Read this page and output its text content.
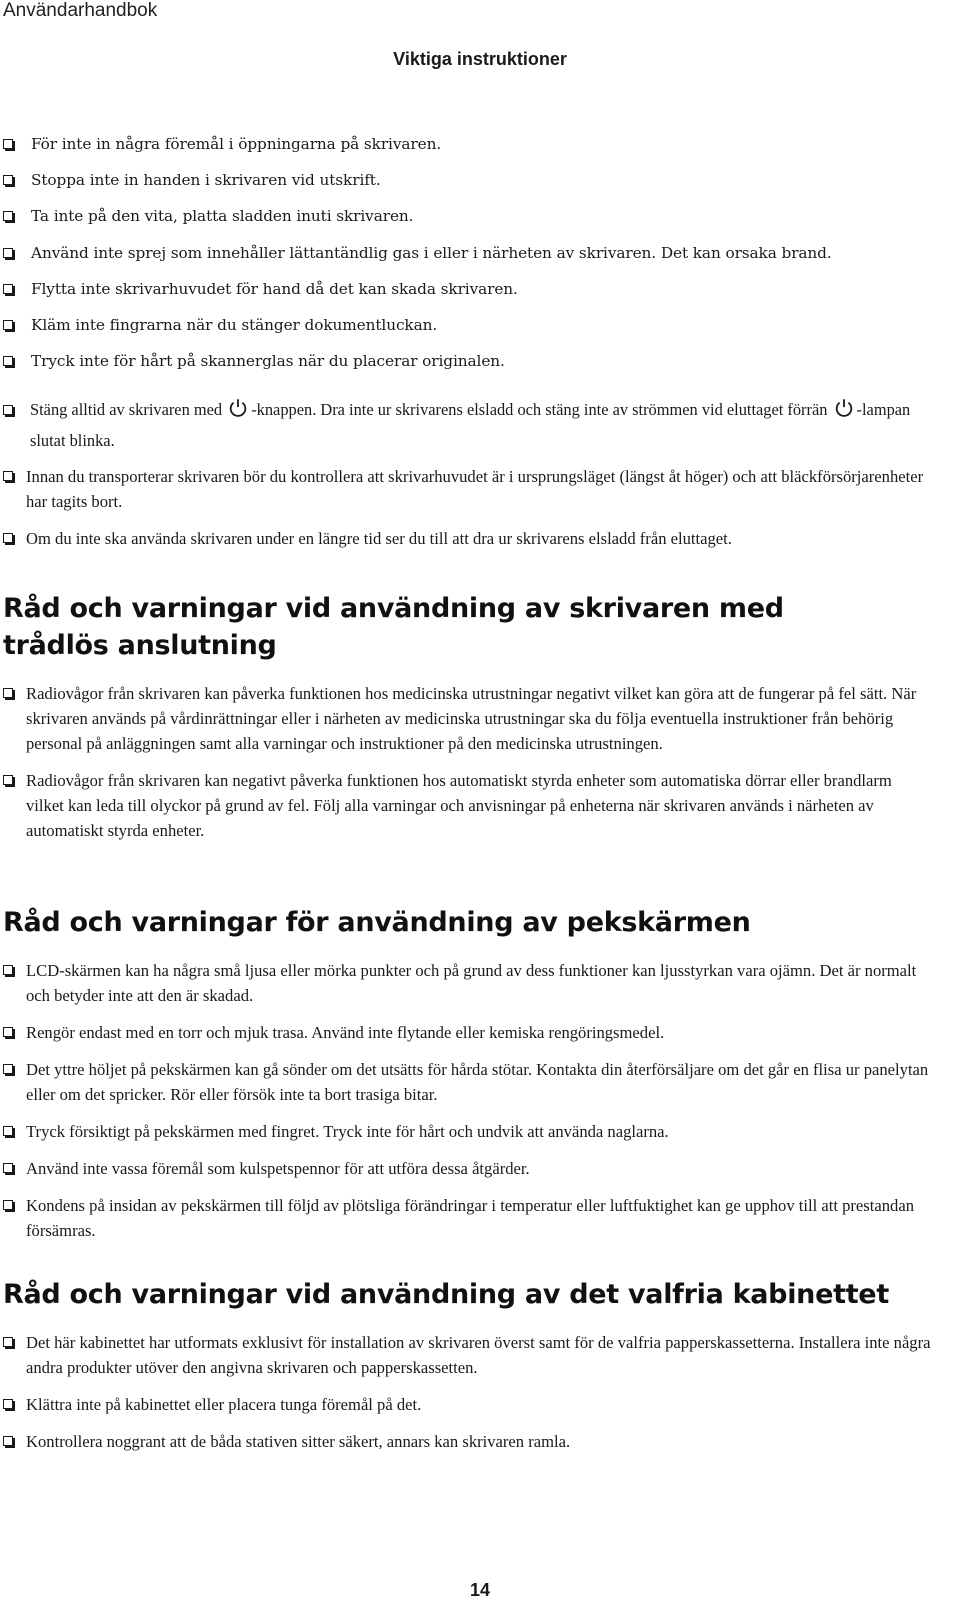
Användarhandbok
Viktiga instruktioner
För inte in några föremål i öppningarna på skrivaren.
Stoppa inte in handen i skrivaren vid utskrift.
Ta inte på den vita, platta sladden inuti skrivaren.
Använd inte sprej som innehåller lättantändlig gas i eller i närheten av skrivaren. Det kan orsaka brand.
Flytta inte skrivarhuvudet för hand då det kan skada skrivaren.
Kläm inte fingrarna när du stänger dokumentluckan.
Tryck inte för hårt på skannerglas när du placerar originalen.
Stäng alltid av skrivaren med -knappen. Dra inte ur skrivarens elsladd och stäng inte av strömmen vid eluttaget förrän -lampan slutat blinka.
Innan du transporterar skrivaren bör du kontrollera att skrivarhuvudet är i ursprungsläget (längst åt höger) och att bläckförsörjarenheter har tagits bort.
Om du inte ska använda skrivaren under en längre tid ser du till att dra ur skrivarens elsladd från eluttaget.
Råd och varningar vid användning av skrivaren med trådlös anslutning
Radiovågor från skrivaren kan påverka funktionen hos medicinska utrustningar negativt vilket kan göra att de fungerar på fel sätt. När skrivaren används på vårdinrättningar eller i närheten av medicinska utrustningar ska du följa eventuella instruktioner från behörig personal på anläggningen samt alla varningar och instruktioner på den medicinska utrustningen.
Radiovågor från skrivaren kan negativt påverka funktionen hos automatiskt styrda enheter som automatiska dörrar eller brandlarm vilket kan leda till olyckor på grund av fel. Följ alla varningar och anvisningar på enheterna när skrivaren används i närheten av automatiskt styrda enheter.
Råd och varningar för användning av pekskärmen
LCD-skärmen kan ha några små ljusa eller mörka punkter och på grund av dess funktioner kan ljusstyrkan vara ojämn. Det är normalt och betyder inte att den är skadad.
Rengör endast med en torr och mjuk trasa. Använd inte flytande eller kemiska rengöringsmedel.
Det yttre höljet på pekskärmen kan gå sönder om det utsätts för hårda stötar. Kontakta din återförsäljare om det går en flisa ur panelytan eller om det spricker. Rör eller försök inte ta bort trasiga bitar.
Tryck försiktigt på pekskärmen med fingret. Tryck inte för hårt och undvik att använda naglarna.
Använd inte vassa föremål som kulspetspennor för att utföra dessa åtgärder.
Kondens på insidan av pekskärmen till följd av plötsliga förändringar i temperatur eller luftfuktighet kan ge upphov till att prestandan försämras.
Råd och varningar vid användning av det valfria kabinettet
Det här kabinettet har utformats exklusivt för installation av skrivaren överst samt för de valfria papperskassetterna. Installera inte några andra produkter utöver den angivna skrivaren och papperskassetten.
Klättra inte på kabinettet eller placera tunga föremål på det.
Kontrollera noggrant att de båda stativen sitter säkert, annars kan skrivaren ramla.
14
